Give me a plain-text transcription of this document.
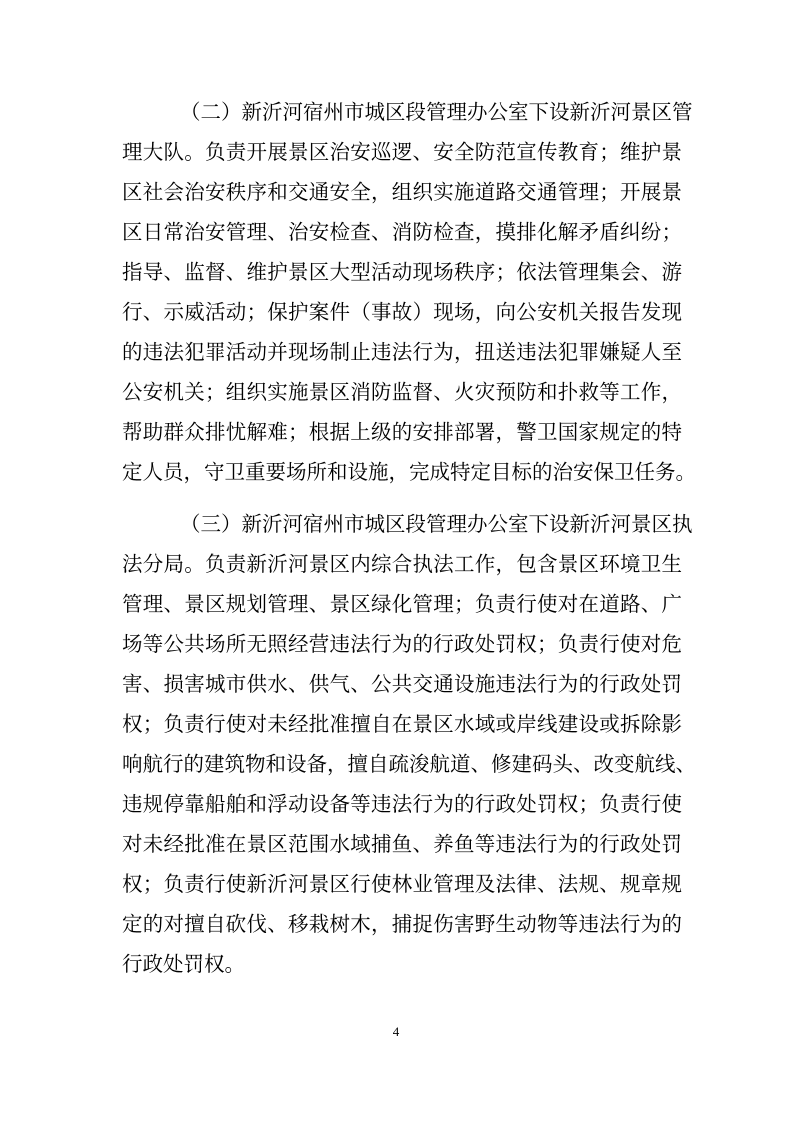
（二）新沂河宿州市城区段管理办公室下设新沂河景区管
理大队。负责开展景区治安巡逻、安全防范宣传教育；维护景
区社会治安秩序和交通安全，组织实施道路交通管理；开展景
区日常治安管理、治安检查、消防检查，摸排化解矛盾纠纷；
指导、监督、维护景区大型活动现场秩序；依法管理集会、游
行、示威活动；保护案件（事故）现场，向公安机关报告发现
的违法犯罪活动并现场制止违法行为，扭送违法犯罪嫌疑人至
公安机关；组织实施景区消防监督、火灾预防和扑救等工作，
帮助群众排忧解难；根据上级的安排部署，警卫国家规定的特
定人员，守卫重要场所和设施，完成特定目标的治安保卫任务。
（三）新沂河宿州市城区段管理办公室下设新沂河景区执
法分局。负责新沂河景区内综合执法工作，包含景区环境卫生
管理、景区规划管理、景区绿化管理；负责行使对在道路、广
场等公共场所无照经营违法行为的行政处罚权；负责行使对危
害、损害城市供水、供气、公共交通设施违法行为的行政处罚
权；负责行使对未经批准擅自在景区水域或岸线建设或拆除影
响航行的建筑物和设备，擅自疏浚航道、修建码头、改变航线、
违规停靠船舶和浮动设备等违法行为的行政处罚权；负责行使
对未经批准在景区范围水域捕鱼、养鱼等违法行为的行政处罚
权；负责行使新沂河景区行使林业管理及法律、法规、规章规
定的对擅自砍伐、移栽树木，捕捉伤害野生动物等违法行为的
行政处罚权。
4
